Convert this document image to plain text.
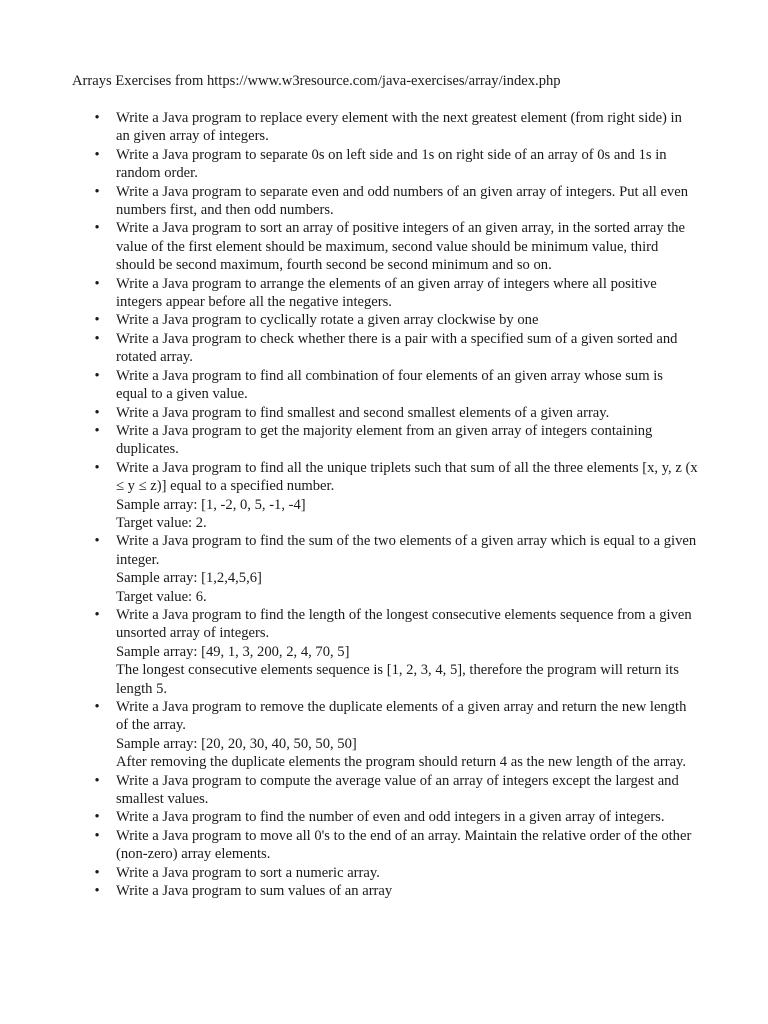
Arrays Exercises from https://www.w3resource.com/java-exercises/array/index.php
• Write a Java program to replace every element with the next greatest element (from right side) in an given array of integers.
• Write a Java program to separate 0s on left side and 1s on right side of an array of 0s and 1s in random order.
• Write a Java program to separate even and odd numbers of an given array of integers. Put all even numbers first, and then odd numbers.
• Write a Java program to sort an array of positive integers of an given array, in the sorted array the value of the first element should be maximum, second value should be minimum value, third should be second maximum, fourth second be second minimum and so on.
• Write a Java program to arrange the elements of an given array of integers where all positive integers appear before all the negative integers.
• Write a Java program to cyclically rotate a given array clockwise by one
• Write a Java program to check whether there is a pair with a specified sum of a given sorted and rotated array.
• Write a Java program to find all combination of four elements of an given array whose sum is equal to a given value.
• Write a Java program to find smallest and second smallest elements of a given array.
• Write a Java program to get the majority element from an given array of integers containing duplicates.
• Write a Java program to find all the unique triplets such that sum of all the three elements [x, y, z (x ≤ y ≤ z)] equal to a specified number.
Sample array: [1, -2, 0, 5, -1, -4]
Target value: 2.
• Write a Java program to find the sum of the two elements of a given array which is equal to a given integer.
Sample array: [1,2,4,5,6]
Target value: 6.
• Write a Java program to find the length of the longest consecutive elements sequence from a given unsorted array of integers.
Sample array: [49, 1, 3, 200, 2, 4, 70, 5]
The longest consecutive elements sequence is [1, 2, 3, 4, 5], therefore the program will return its length 5.
• Write a Java program to remove the duplicate elements of a given array and return the new length of the array.
Sample array: [20, 20, 30, 40, 50, 50, 50]
After removing the duplicate elements the program should return 4 as the new length of the array.
• Write a Java program to compute the average value of an array of integers except the largest and smallest values.
• Write a Java program to find the number of even and odd integers in a given array of integers.
• Write a Java program to move all 0's to the end of an array. Maintain the relative order of the other (non-zero) array elements.
• Write a Java program to sort a numeric array.
• Write a Java program to sum values of an array
